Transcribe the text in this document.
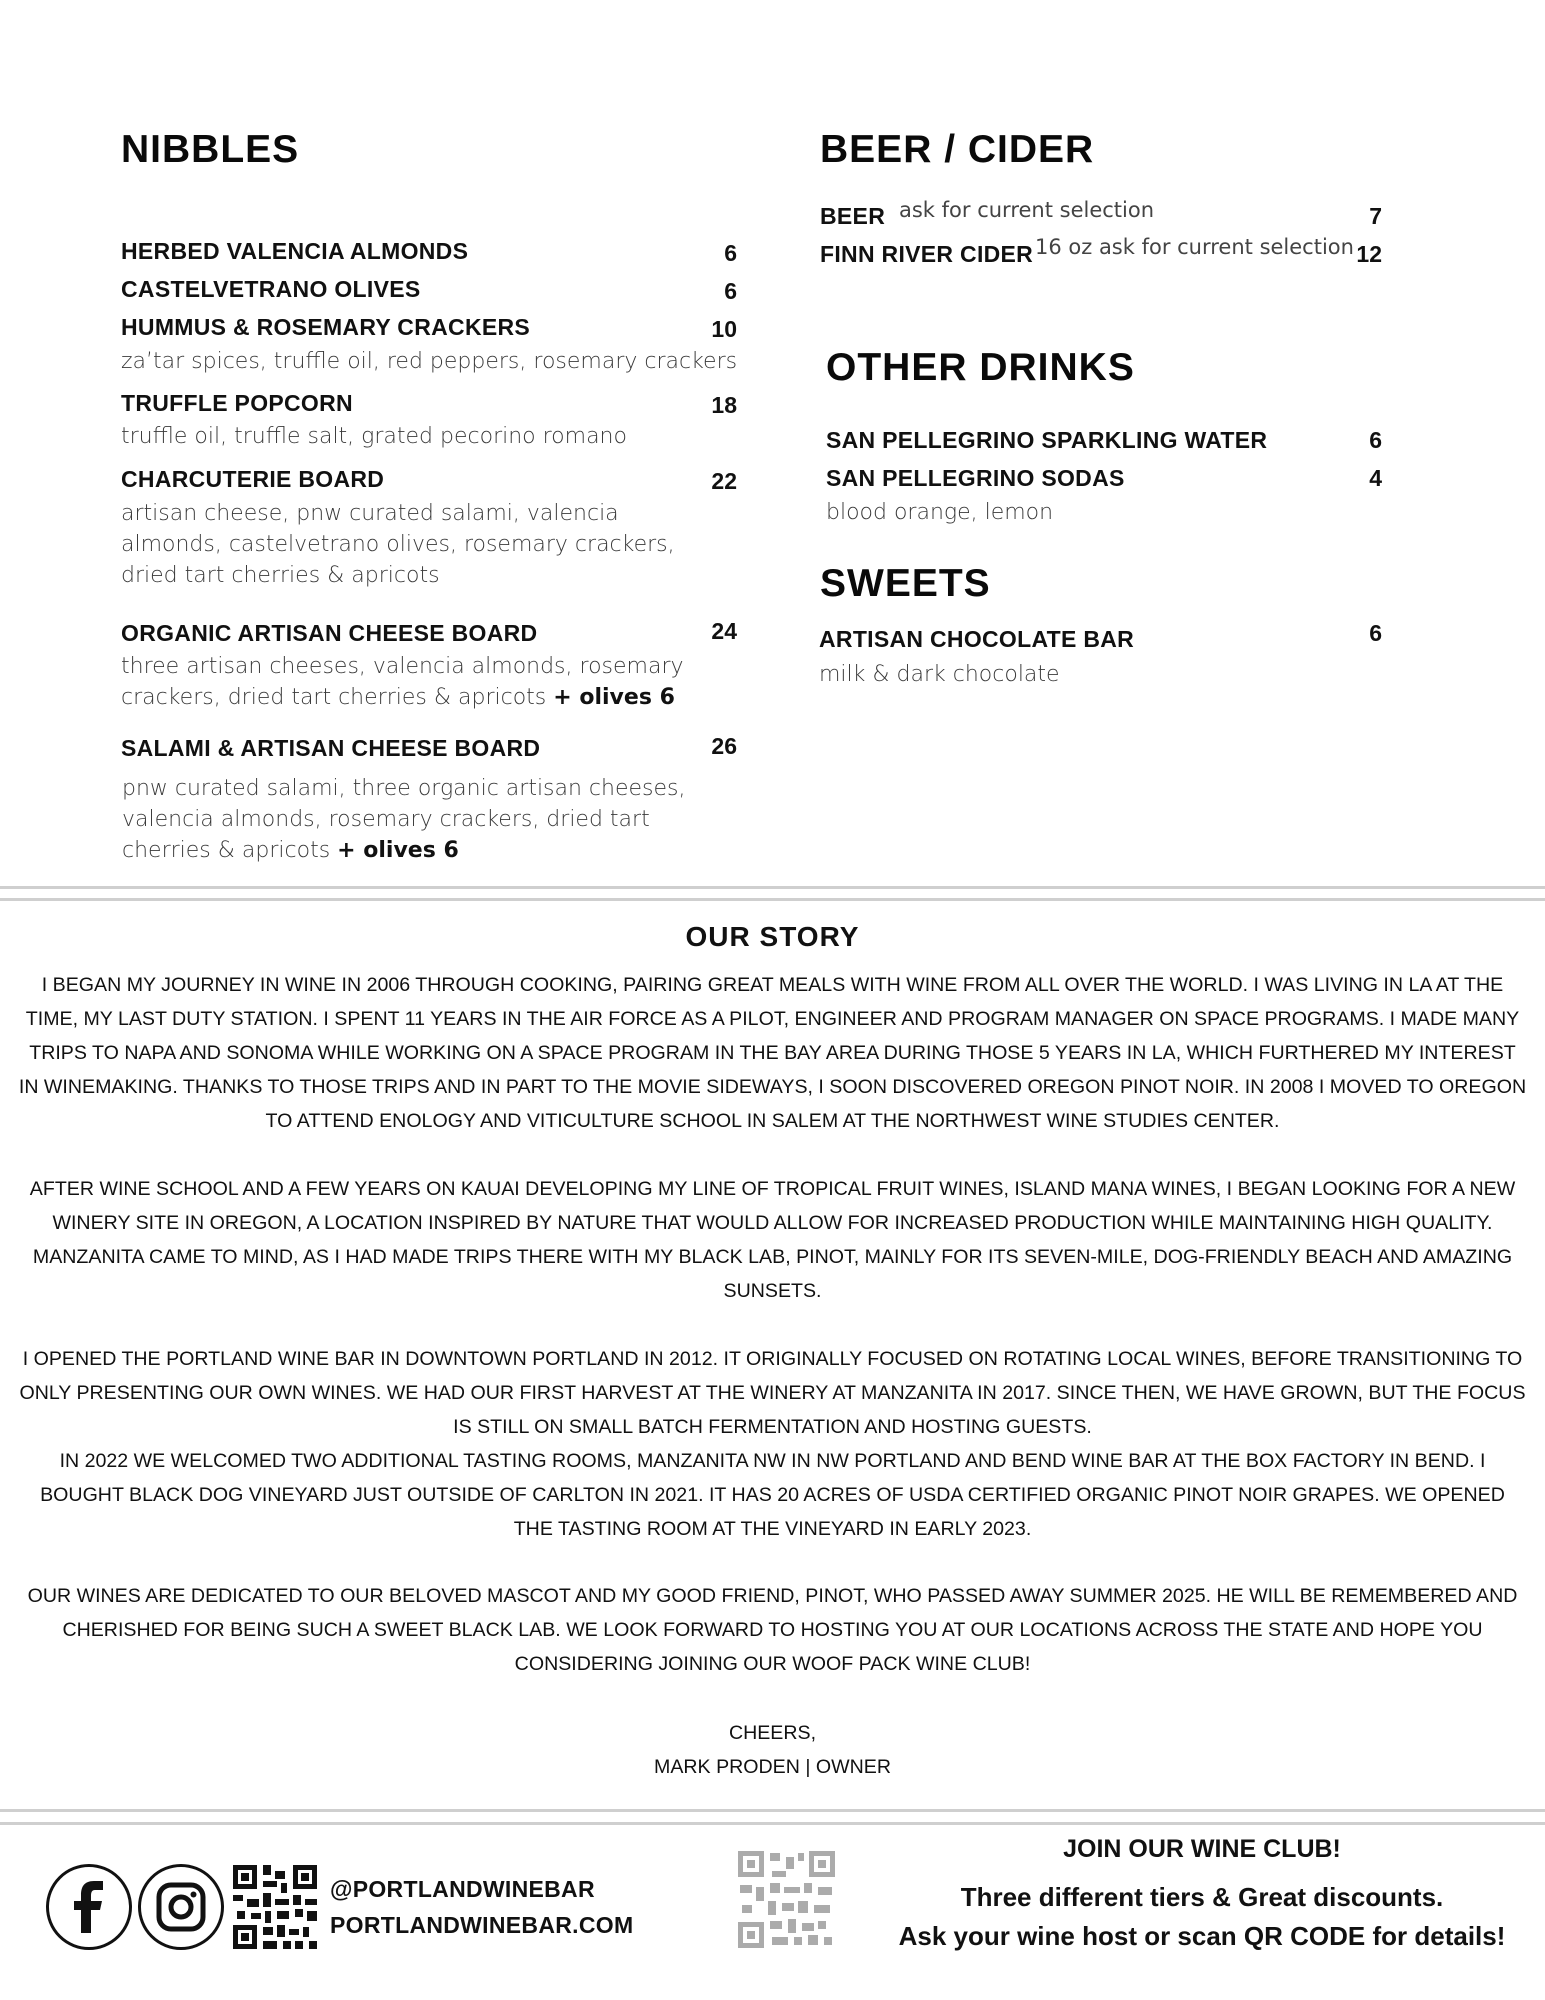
NIBBLES
HERBED VALENCIA ALMONDS	6
CASTELVETRANO OLIVES	6
HUMMUS & ROSEMARY CRACKERS	10
za’tar spices, truffle oil, red peppers, rosemary crackers
TRUFFLE POPCORN	18
truffle oil, truffle salt, grated pecorino romano
CHARCUTERIE BOARD	22
artisan cheese, pnw curated salami, valencia
almonds, castelvetrano olives, rosemary crackers,
dried tart cherries & apricots
ORGANIC ARTISAN CHEESE BOARD	24
three artisan cheeses, valencia almonds, rosemary
crackers, dried tart cherries & apricots + olives 6
SALAMI & ARTISAN CHEESE BOARD	26
pnw curated salami, three organic artisan cheeses,
valencia almonds, rosemary crackers, dried tart
cherries & apricots + olives 6
BEER / CIDER
BEER ask for current selection	7
FINN RIVER CIDER 16 oz ask for current selection 12
OTHER DRINKS
SAN PELLEGRINO SPARKLING WATER	6
SAN PELLEGRINO SODAS	4
blood orange, lemon
SWEETS
ARTISAN CHOCOLATE BAR	6
milk & dark chocolate
OUR STORY
I BEGAN MY JOURNEY IN WINE IN 2006 THROUGH COOKING, PAIRING GREAT MEALS WITH WINE FROM ALL OVER THE WORLD. I WAS LIVING IN LA AT THE TIME, MY LAST DUTY STATION. I SPENT 11 YEARS IN THE AIR FORCE AS A PILOT, ENGINEER AND PROGRAM MANAGER ON SPACE PROGRAMS. I MADE MANY TRIPS TO NAPA AND SONOMA WHILE WORKING ON A SPACE PROGRAM IN THE BAY AREA DURING THOSE 5 YEARS IN LA, WHICH FURTHERED MY INTEREST IN WINEMAKING. THANKS TO THOSE TRIPS AND IN PART TO THE MOVIE SIDEWAYS, I SOON DISCOVERED OREGON PINOT NOIR. IN 2008 I MOVED TO OREGON TO ATTEND ENOLOGY AND VITICULTURE SCHOOL IN SALEM AT THE NORTHWEST WINE STUDIES CENTER.
AFTER WINE SCHOOL AND A FEW YEARS ON KAUAI DEVELOPING MY LINE OF TROPICAL FRUIT WINES, ISLAND MANA WINES, I BEGAN LOOKING FOR A NEW WINERY SITE IN OREGON, A LOCATION INSPIRED BY NATURE THAT WOULD ALLOW FOR INCREASED PRODUCTION WHILE MAINTAINING HIGH QUALITY. MANZANITA CAME TO MIND, AS I HAD MADE TRIPS THERE WITH MY BLACK LAB, PINOT, MAINLY FOR ITS SEVEN-MILE, DOG-FRIENDLY BEACH AND AMAZING SUNSETS.
I OPENED THE PORTLAND WINE BAR IN DOWNTOWN PORTLAND IN 2012. IT ORIGINALLY FOCUSED ON ROTATING LOCAL WINES, BEFORE TRANSITIONING TO ONLY PRESENTING OUR OWN WINES. WE HAD OUR FIRST HARVEST AT THE WINERY AT MANZANITA IN 2017. SINCE THEN, WE HAVE GROWN, BUT THE FOCUS IS STILL ON SMALL BATCH FERMENTATION AND HOSTING GUESTS.
IN 2022 WE WELCOMED TWO ADDITIONAL TASTING ROOMS, MANZANITA NW IN NW PORTLAND AND BEND WINE BAR AT THE BOX FACTORY IN BEND. I BOUGHT BLACK DOG VINEYARD JUST OUTSIDE OF CARLTON IN 2021. IT HAS 20 ACRES OF USDA CERTIFIED ORGANIC PINOT NOIR GRAPES. WE OPENED THE TASTING ROOM AT THE VINEYARD IN EARLY 2023.
OUR WINES ARE DEDICATED TO OUR BELOVED MASCOT AND MY GOOD FRIEND, PINOT, WHO PASSED AWAY SUMMER 2025. HE WILL BE REMEMBERED AND CHERISHED FOR BEING SUCH A SWEET BLACK LAB. WE LOOK FORWARD TO HOSTING YOU AT OUR LOCATIONS ACROSS THE STATE AND HOPE YOU CONSIDERING JOINING OUR WOOF PACK WINE CLUB!
CHEERS,
MARK PRODEN | OWNER
@PORTLANDWINEBAR
PORTLANDWINEBAR.COM
JOIN OUR WINE CLUB!
Three different tiers & Great discounts.
Ask your wine host or scan QR CODE for details!
